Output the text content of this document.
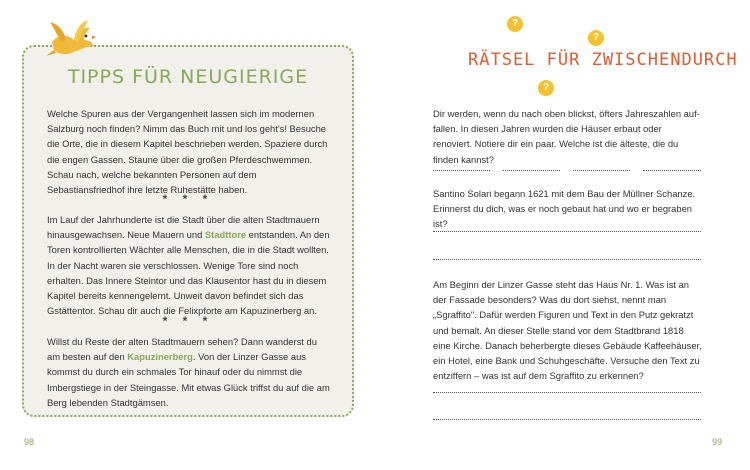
TIPPS FÜR NEUGIERIGE
Welche Spuren aus der Vergangenheit lassen sich im modernen Salzburg noch finden? Nimm das Buch mit und los geht's! Besuche die Orte, die in diesem Kapitel beschrieben werden. Spaziere durch die engen Gassen. Staune über die großen Pferdeschwemmen. Schau nach, welche bekannten Personen auf dem Sebastiansfriedhof ihre letzte Ruhestätte haben.
* * *
Im Lauf der Jahrhunderte ist die Stadt über die alten Stadtmauern hinausgewachsen. Neue Mauern und Stadttore entstanden. An den Toren kontrollierten Wächter alle Menschen, die in die Stadt wollten. In der Nacht waren sie verschlossen. Wenige Tore sind noch erhalten. Das Innere Steintor und das Klausentor hast du in diesem Kapitel bereits kennengelernt. Unweit davon befindet sich das Gstättentor. Schau dir auch die Felixpforte am Kapuzinerberg an.
* * *
Willst du Reste der alten Stadtmauern sehen? Dann wanderst du am besten auf den Kapuzinerberg. Von der Linzer Gasse aus kommst du durch ein schmales Tor hinauf oder du nimmst die Imbergstiege in der Steingasse. Mit etwas Glück triffst du auf die am Berg lebenden Stadtgämsen.
98
?
?
?
RÄTSEL FÜR ZWISCHENDURCH
Dir werden, wenn du nach oben blickst, öfters Jahreszahlen auffallen. In diesen Jahren wurden die Häuser erbaut oder renoviert. Notiere dir ein paar. Welche ist die älteste, die du finden kannst?
Santino Solari begann 1621 mit dem Bau der Müllner Schanze. Erinnerst du dich, was er noch gebaut hat und wo er begraben ist?
Am Beginn der Linzer Gasse steht das Haus Nr. 1. Was ist an der Fassade besonders? Was du dort siehst, nennt man „Sgraffito". Dafür werden Figuren und Text in den Putz gekratzt und bemalt. An dieser Stelle stand vor dem Stadtbrand 1818 eine Kirche. Danach beherbergte dieses Gebäude Kaffeehäuser, ein Hotel, eine Bank und Schuhgeschäfte. Versuche den Text zu entziffern – was ist auf dem Sgraffito zu erkennen?
99
